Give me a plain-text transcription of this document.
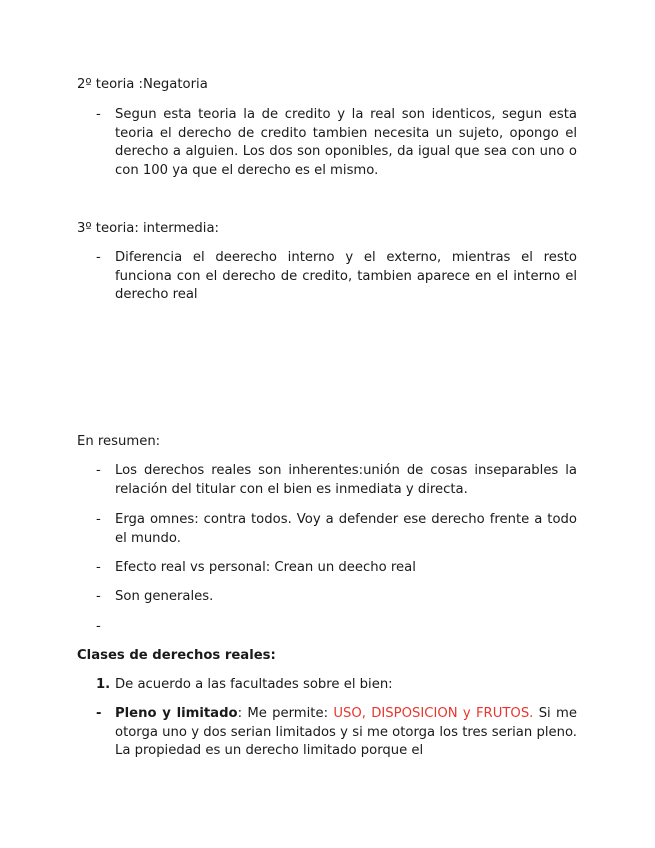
2º teoria :Negatoria
- Segun esta teoria la de credito y la real son identicos, segun esta teoria el derecho de credito tambien necesita un sujeto, opongo el derecho a alguien. Los dos son oponibles, da igual que sea con uno o con 100 ya que el derecho es el mismo.
3º teoria: intermedia:
- Diferencia el deerecho interno y el externo, mientras el resto funciona con el derecho de credito, tambien aparece en el interno el derecho real
En resumen:
- Los derechos reales son inherentes:unión de cosas inseparables la relación del titular con el bien es inmediata y directa.
- Erga omnes: contra todos. Voy a defender ese derecho frente a todo el mundo.
- Efecto real vs personal: Crean un deecho real
- Son generales.
-
Clases de derechos reales:
1. De acuerdo a las facultades sobre el bien:
- Pleno y limitado: Me permite: USO, DISPOSICION y FRUTOS. Si me otorga uno y dos serian limitados y si me otorga los tres serian pleno. La propiedad es un derecho limitado porque el
